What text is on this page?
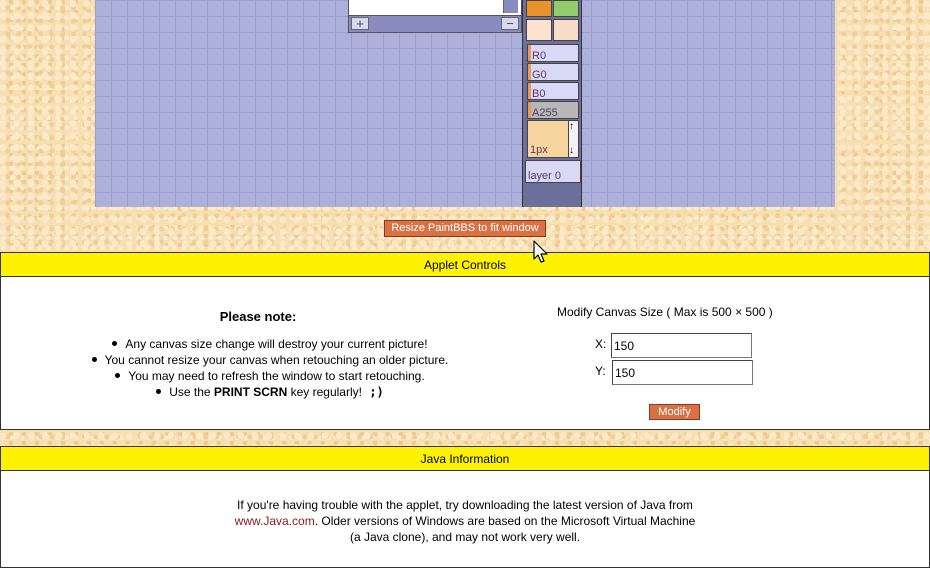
+	−
R0
G0
B0
A255
1px
↑
↓
layer 0
Resize PaintBBS to fit window
Applet Controls
Please note:
Any canvas size change will destroy your current picture!
You cannot resize your canvas when retouching an older picture.
You may need to refresh the window to start retouching.
Use the PRINT SCRN key regularly! ;)
Modify Canvas Size ( Max is 500 × 500 )
X:
150
Y:
150
Modify
Java Information
If you're having trouble with the applet, try downloading the latest version of Java from
www.Java.com. Older versions of Windows are based on the Microsoft Virtual Machine
(a Java clone), and may not work very well.
